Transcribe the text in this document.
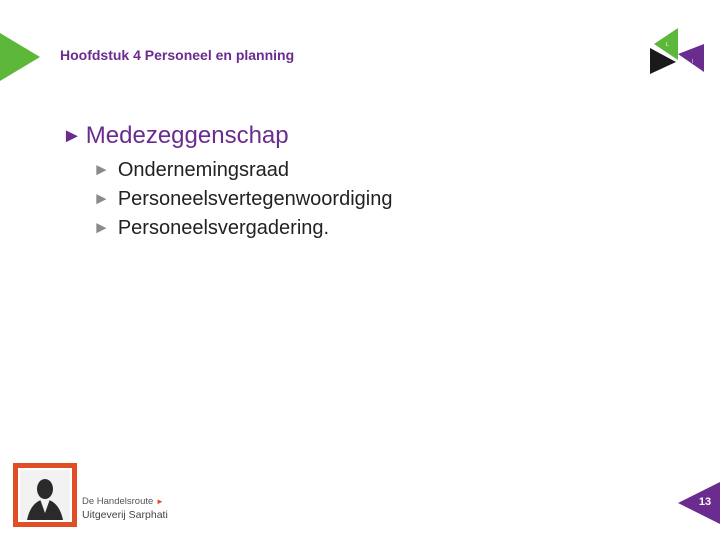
Hoofdstuk 4 Personeel en planning
L
I
► Medezeggenschap
► Ondernemingsraad
► Personeelsvertegenwoordiging
► Personeelsvergadering.
De Handelsroute ►
Uitgeverij Sarphati
13
